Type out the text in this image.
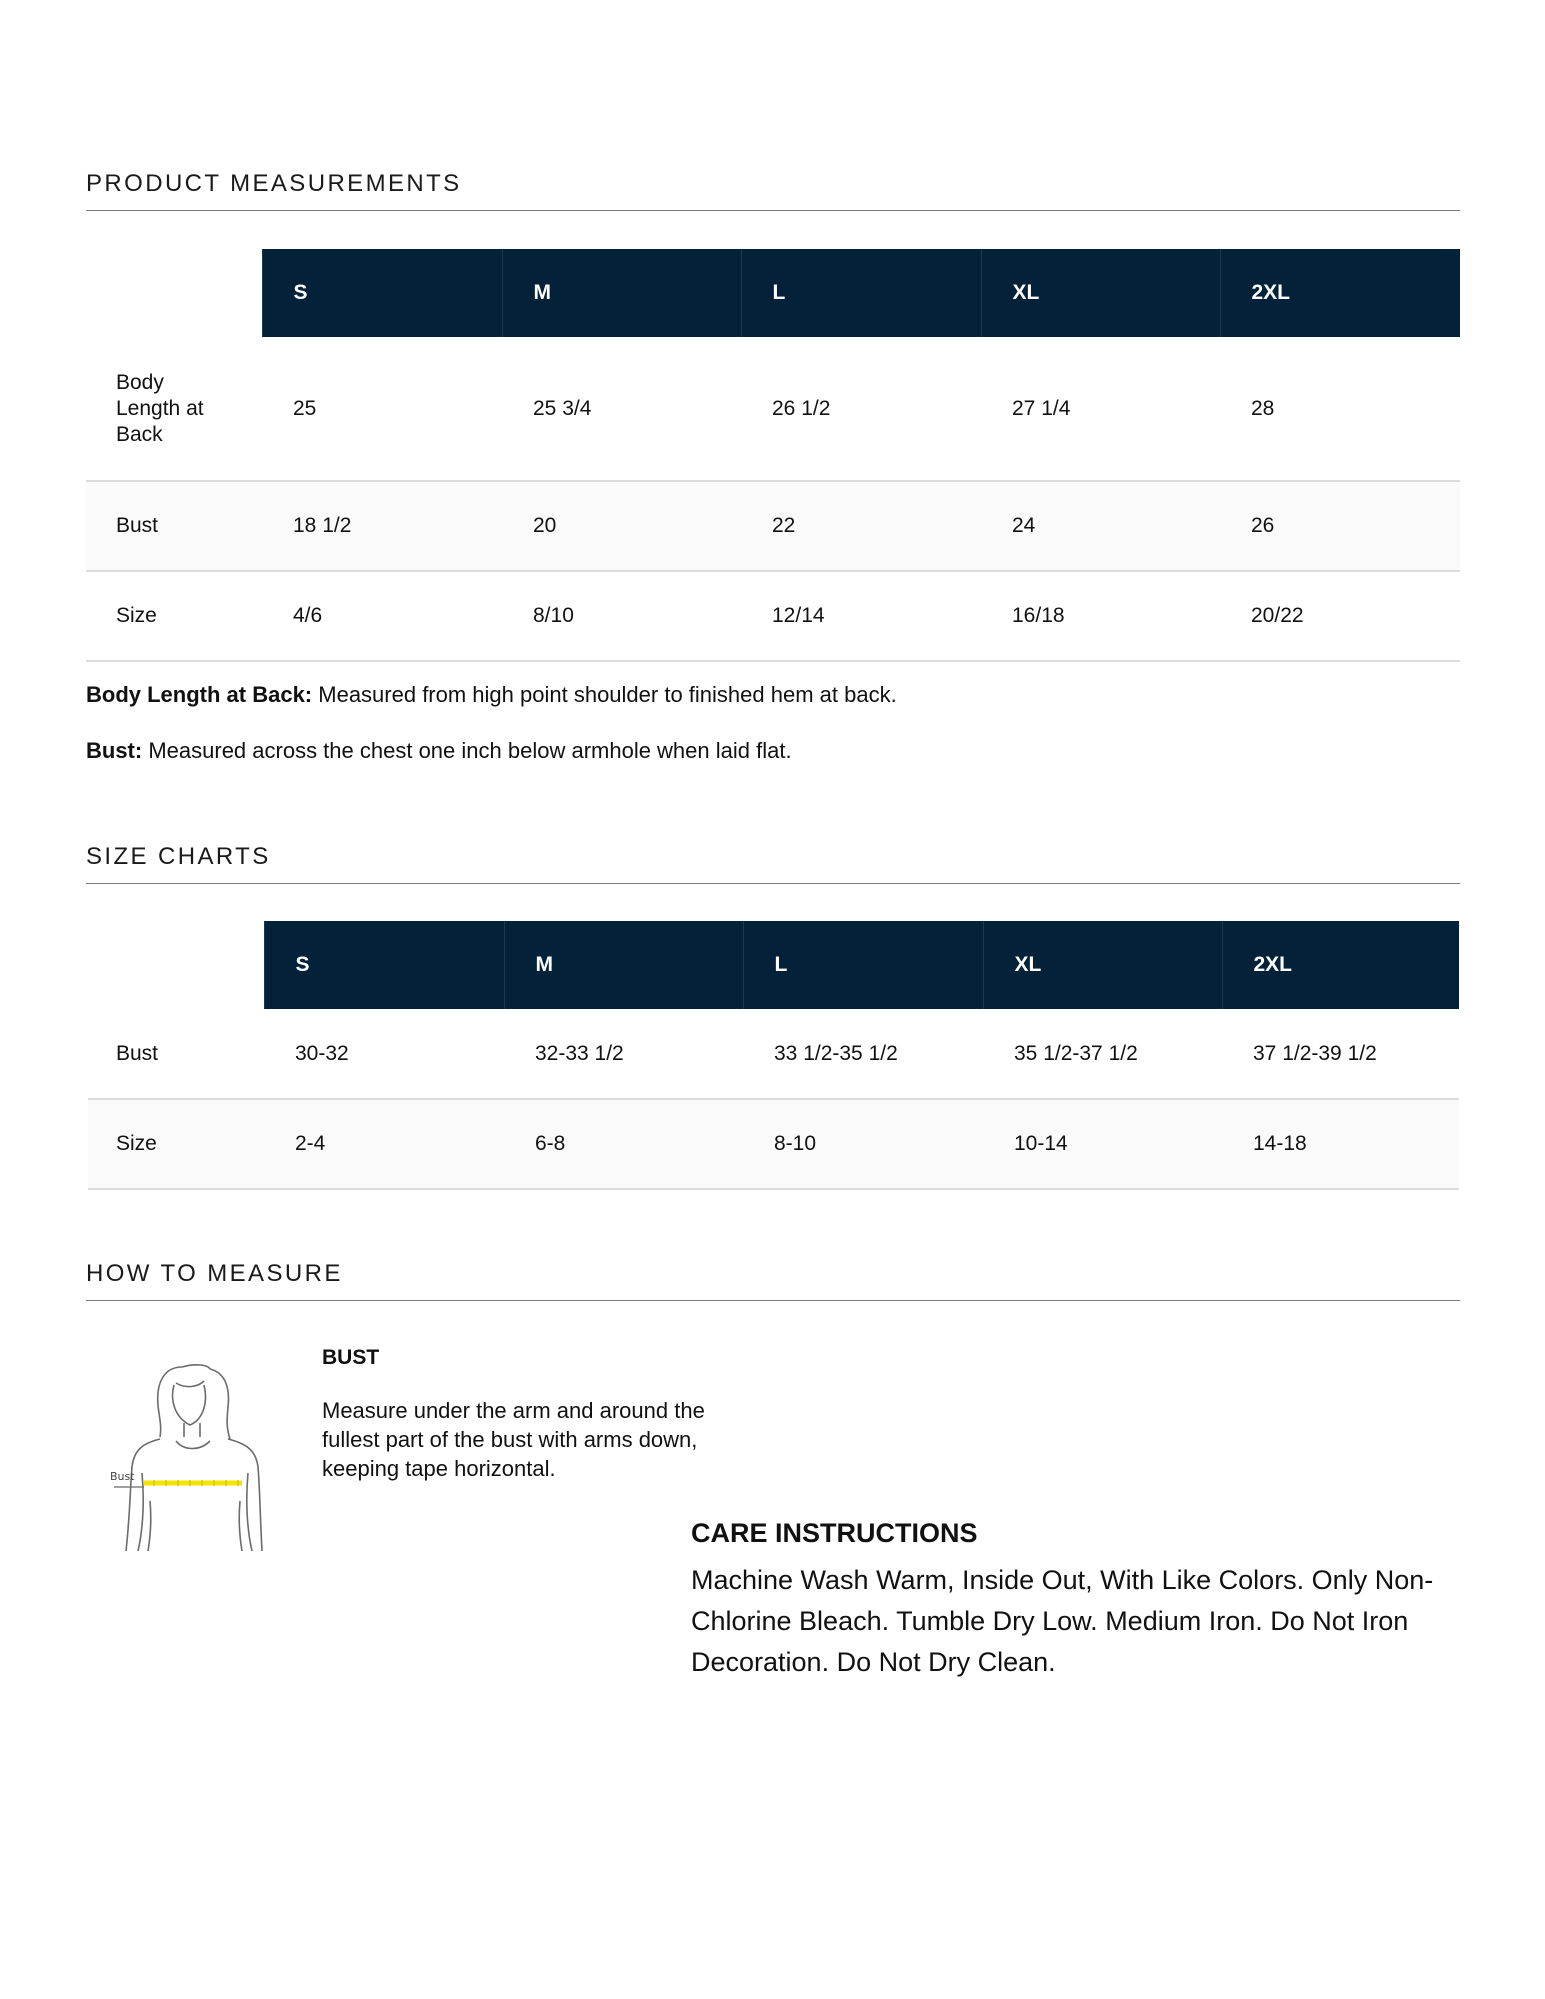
PRODUCT MEASUREMENTS
	S	M	L	XL	2XL

Body Length at Back	25	25 3/4	26 1/2	27 1/4	28
Bust	18 1/2	20	22	24	26
Size	4/6	8/10	12/14	16/18	20/22
Body Length at Back: Measured from high point shoulder to finished hem at back.
Bust: Measured across the chest one inch below armhole when laid flat.
SIZE CHARTS
	S	M	L	XL	2XL
Bust	30-32	32-33 1/2	33 1/2-35 1/2	35 1/2-37 1/2	37 1/2-39 1/2
Size	2-4	6-8	8-10	10-14	14-18
HOW TO MEASURE
Bust
BUST
Measure under the arm and around the fullest part of the bust with arms down, keeping tape horizontal.
CARE INSTRUCTIONS
Machine Wash Warm, Inside Out, With Like Colors. Only Non-Chlorine Bleach. Tumble Dry Low. Medium Iron. Do Not Iron Decoration. Do Not Dry Clean.
